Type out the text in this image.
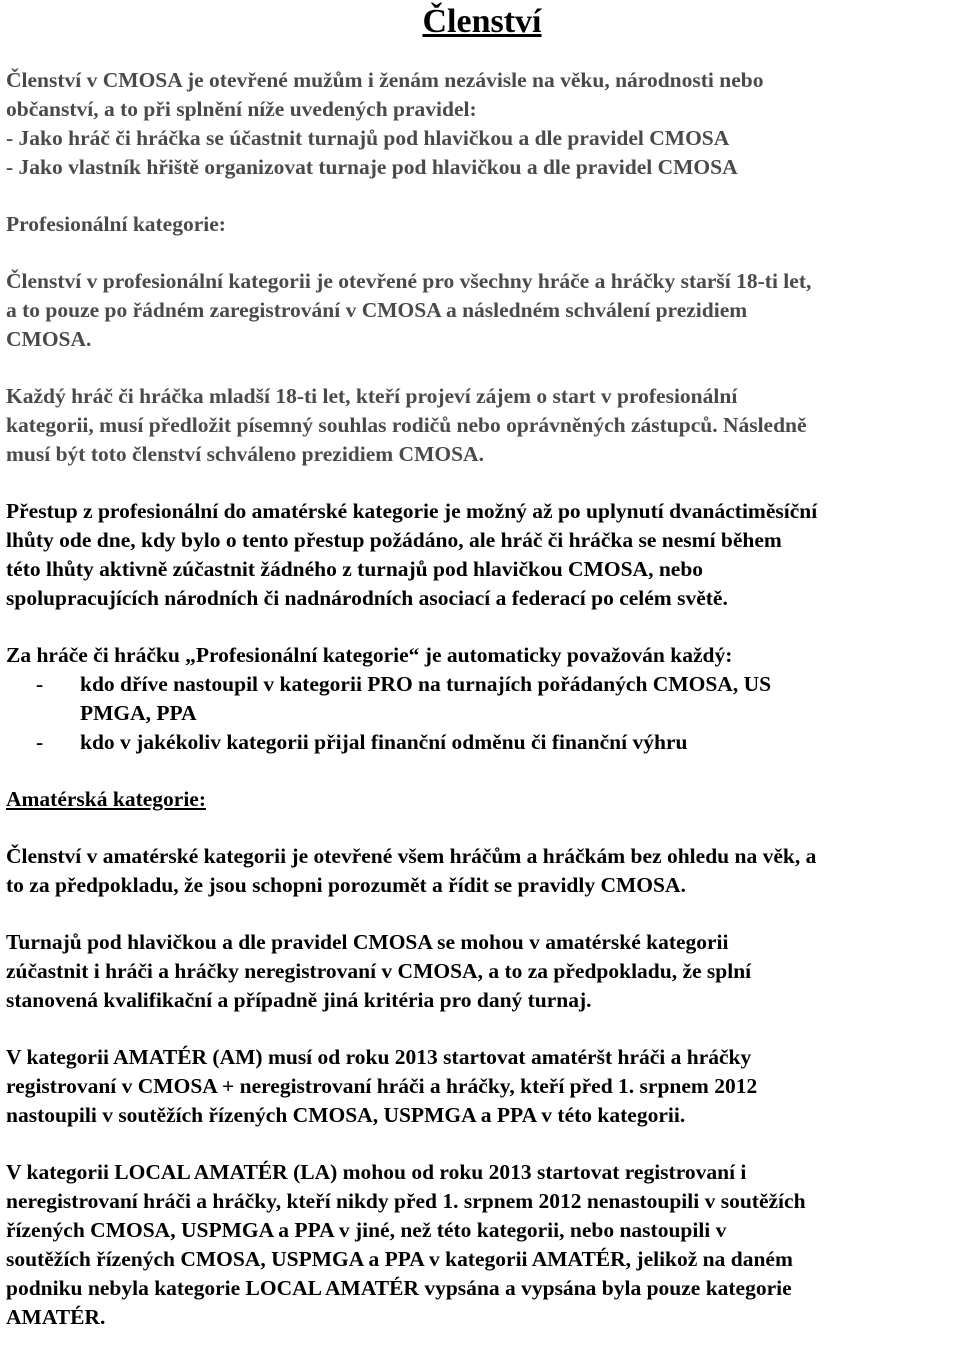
Členství

Členství v CMOSA je otevřené mužům i ženám nezávisle na věku, národnosti nebo
občanství, a to při splnění níže uvedených pravidel:
- Jako hráč či hráčka se účastnit turnajů pod hlavičkou a dle pravidel CMOSA
- Jako vlastník hřiště organizovat turnaje pod hlavičkou a dle pravidel CMOSA

Profesionální kategorie:

Členství v profesionální kategorii je otevřené pro všechny hráče a hráčky starší 18-ti let,
a to pouze po řádném zaregistrování v CMOSA a následném schválení prezidiem
CMOSA.

Každý hráč či hráčka mladší 18-ti let, kteří projeví zájem o start v profesionální
kategorii, musí předložit písemný souhlas rodičů nebo oprávněných zástupců. Následně
musí být toto členství schváleno prezidiem CMOSA.

Přestup z profesionální do amatérské kategorie je možný až po uplynutí dvanáctiměsíční
lhůty ode dne, kdy bylo o tento přestup požádáno, ale hráč či hráčka se nesmí během
této lhůty aktivně zúčastnit žádného z turnajů pod hlavičkou CMOSA, nebo
spolupracujících národních či nadnárodních asociací a federací po celém světě.

Za hráče či hráčku „Profesionální kategorie“ je automaticky považován každý:

- kdo dříve nastoupil v kategorii PRO na turnajích pořádaných CMOSA, US
PMGA, PPA
- kdo v jakékoliv kategorii přijal finanční odměnu či finanční výhru

Amatérská kategorie:

Členství v amatérské kategorii je otevřené všem hráčům a hráčkám bez ohledu na věk, a
to za předpokladu, že jsou schopni porozumět a řídit se pravidly CMOSA.

Turnajů pod hlavičkou a dle pravidel CMOSA se mohou v amatérské kategorii
zúčastnit i hráči a hráčky neregistrovaní v CMOSA, a to za předpokladu, že splní
stanovená kvalifikační a případně jiná kritéria pro daný turnaj.

V kategorii AMATÉR (AM) musí od roku 2013 startovat amatéršt hráči a hráčky
registrovaní v CMOSA + neregistrovaní hráči a hráčky, kteří před 1. srpnem 2012
nastoupili v soutěžích řízených CMOSA, USPMGA a PPA v této kategorii.

V kategorii LOCAL AMATÉR (LA) mohou od roku 2013 startovat registrovaní i
neregistrovaní hráči a hráčky, kteří nikdy před 1. srpnem 2012 nenastoupili v soutěžích
řízených CMOSA, USPMGA a PPA v jiné, než této kategorii, nebo nastoupili v
soutěžích řízených CMOSA, USPMGA a PPA v kategorii AMATÉR, jelikož na daném
podniku nebyla kategorie LOCAL AMATÉR vypsána a vypsána byla pouze kategorie
AMATÉR.
